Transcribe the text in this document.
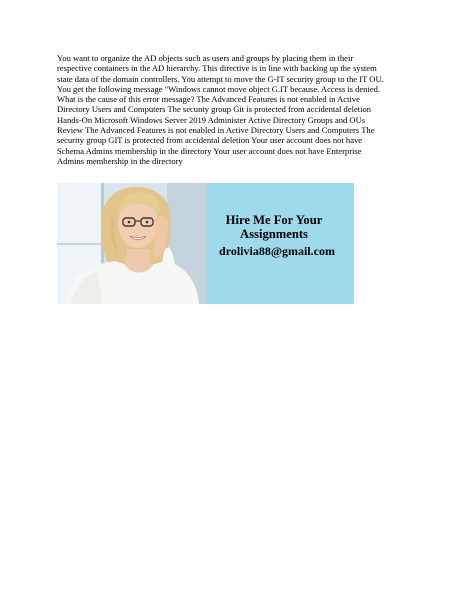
You want to organize the AD objects such as users and groups by placing them in their
respective containers in the AD hierarchy. This directive is in line with backing up the system
state data of the domain controllers. You attempt to move the G-IT security group to the IT OU.
You get the following message "Windows cannot move object G.IT because. Access is denied.
What is the cause of this error message? The Advanced Features is not enabled in Active
Directory Users and Computers The secunty group Git is protected from accidental deletion
Hands-On Microsoft Windows Server 2019 Administer Active Directory Groups and OUs
Review The Advanced Features is not enabled in Active Directory Users and Computers The
security group GIT is protected from accidental deletion Your user account does not have
Schema Admins membership in the directory Your user account does not have Enterprise
Admins membership in the directory

Hire Me For Your
Assignments
drolivia88@gmail.com
